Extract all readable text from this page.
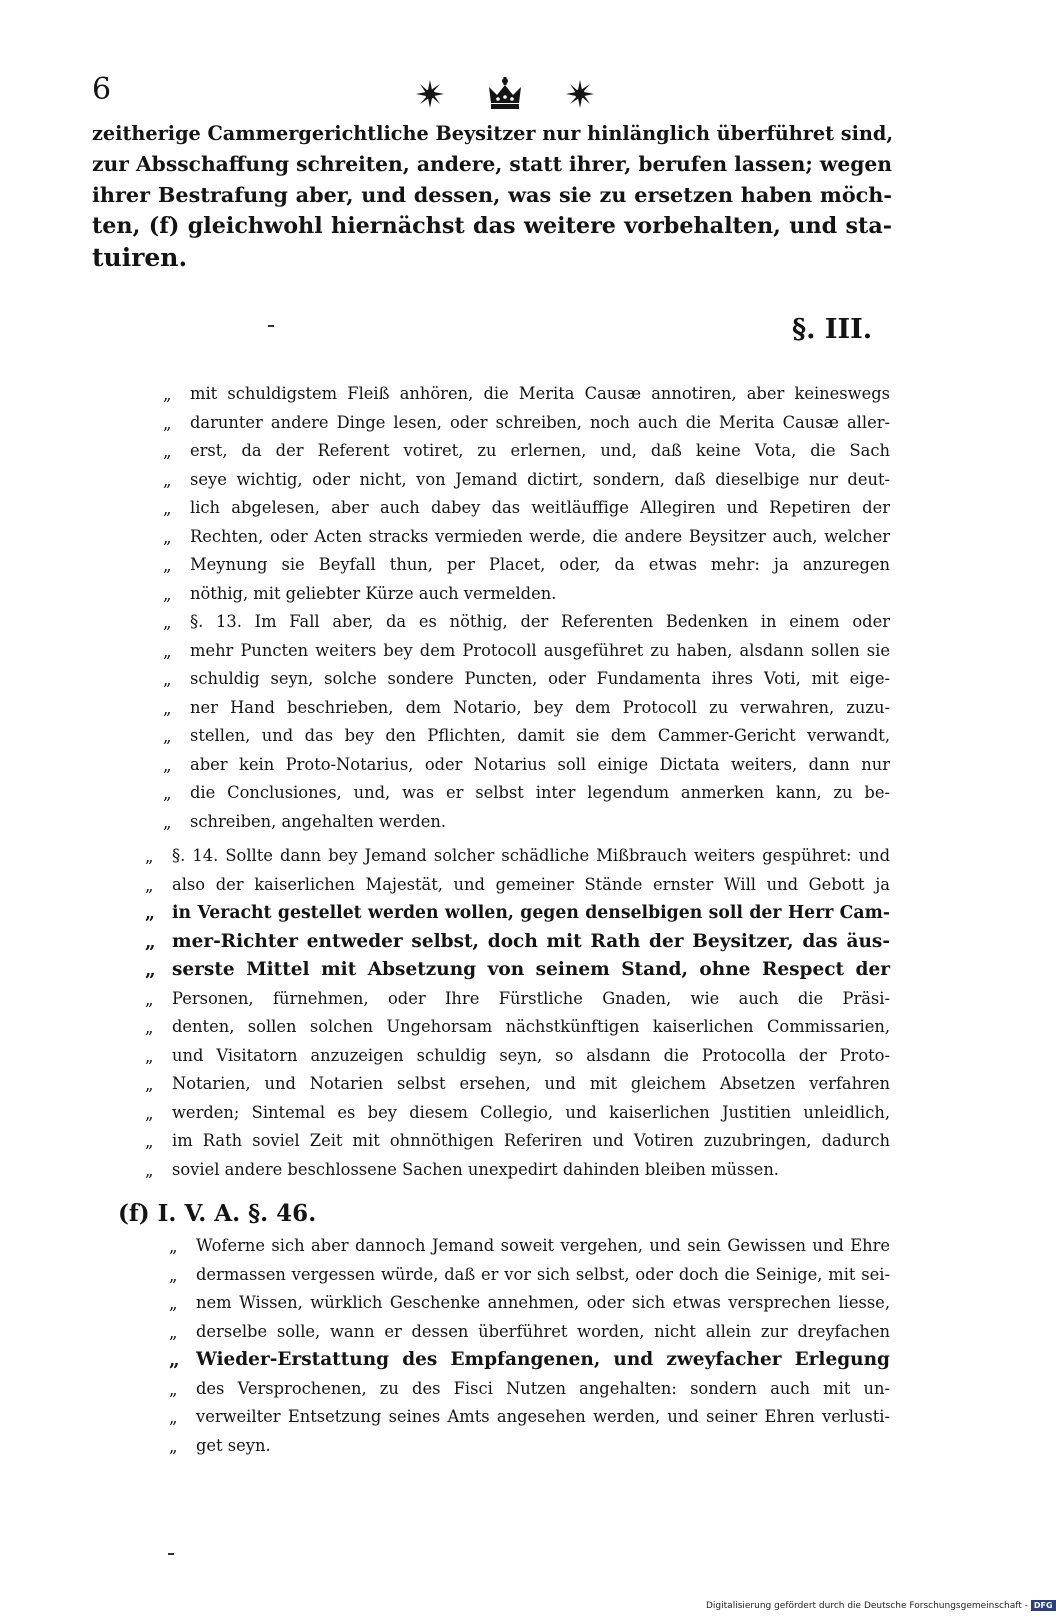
6
zeitherige Cammergerichtliche Beysitzer nur hinlänglich überführet sind,
zur Absschaffung schreiten, andere, statt ihrer, berufen lassen; wegen
ihrer Bestrafung aber, und dessen, was sie zu ersetzen haben möch-
ten, (f) gleichwohl hiernächst das weitere vorbehalten, und sta-
tuiren.
§. III.
„ mit schuldigstem Fleiß anhören, die Merita Causæ annotiren, aber keineswegs
„ darunter andere Dinge lesen, oder schreiben, noch auch die Merita Causæ aller-
„ erst, da der Referent votiret, zu erlernen, und, daß keine Vota, die Sach
„ seye wichtig, oder nicht, von Jemand dictirt, sondern, daß dieselbige nur deut-
„ lich abgelesen, aber auch dabey das weitläuffige Allegiren und Repetiren der
„ Rechten, oder Acten stracks vermieden werde, die andere Beysitzer auch, welcher
„ Meynung sie Beyfall thun, per Placet, oder, da etwas mehr: ja anzuregen
„ nöthig, mit geliebter Kürze auch vermelden.
„ §. 13. Im Fall aber, da es nöthig, der Referenten Bedenken in einem oder
„ mehr Puncten weiters bey dem Protocoll ausgeführet zu haben, alsdann sollen sie
„ schuldig seyn, solche sondere Puncten, oder Fundamenta ihres Voti, mit eige-
„ ner Hand beschrieben, dem Notario, bey dem Protocoll zu verwahren, zuzu-
„ stellen, und das bey den Pflichten, damit sie dem Cammer-Gericht verwandt,
„ aber kein Proto-Notarius, oder Notarius soll einige Dictata weiters, dann nur
„ die Conclusiones, und, was er selbst inter legendum anmerken kann, zu be-
„ schreiben, angehalten werden.
„ §. 14. Sollte dann bey Jemand solcher schädliche Mißbrauch weiters gespühret: und
„ also der kaiserlichen Majestät, und gemeiner Stände ernster Will und Gebott ja
„ in Veracht gestellet werden wollen, gegen denselbigen soll der Herr Cam-
„ mer-Richter entweder selbst, doch mit Rath der Beysitzer, das äus-
„ serste Mittel mit Absetzung von seinem Stand, ohne Respect der
„ Personen, fürnehmen, oder Ihre Fürstliche Gnaden, wie auch die Präsi-
„ denten, sollen solchen Ungehorsam nächstkünftigen kaiserlichen Commissarien,
„ und Visitatorn anzuzeigen schuldig seyn, so alsdann die Protocolla der Proto-
„ Notarien, und Notarien selbst ersehen, und mit gleichem Absetzen verfahren
„ werden; Sintemal es bey diesem Collegio, und kaiserlichen Justitien unleidlich,
„ im Rath soviel Zeit mit ohnnöthigen Referiren und Votiren zuzubringen, dadurch
„ soviel andere beschlossene Sachen unexpedirt dahinden bleiben müssen.
(f) I. V. A. §. 46.
„ Woferne sich aber dannoch Jemand soweit vergehen, und sein Gewissen und Ehre
„ dermassen vergessen würde, daß er vor sich selbst, oder doch die Seinige, mit sei-
„ nem Wissen, würklich Geschenke annehmen, oder sich etwas versprechen liesse,
„ derselbe solle, wann er dessen überführet worden, nicht allein zur dreyfachen
„ Wieder-Erstattung des Empfangenen, und zweyfacher Erlegung
„ des Versprochenen, zu des Fisci Nutzen angehalten: sondern auch mit un-
„ verweilter Entsetzung seines Amts angesehen werden, und seiner Ehren verlusti-
„ get seyn.
Digitalisierung gefördert durch die Deutsche Forschungsgemeinschaft - DFG
